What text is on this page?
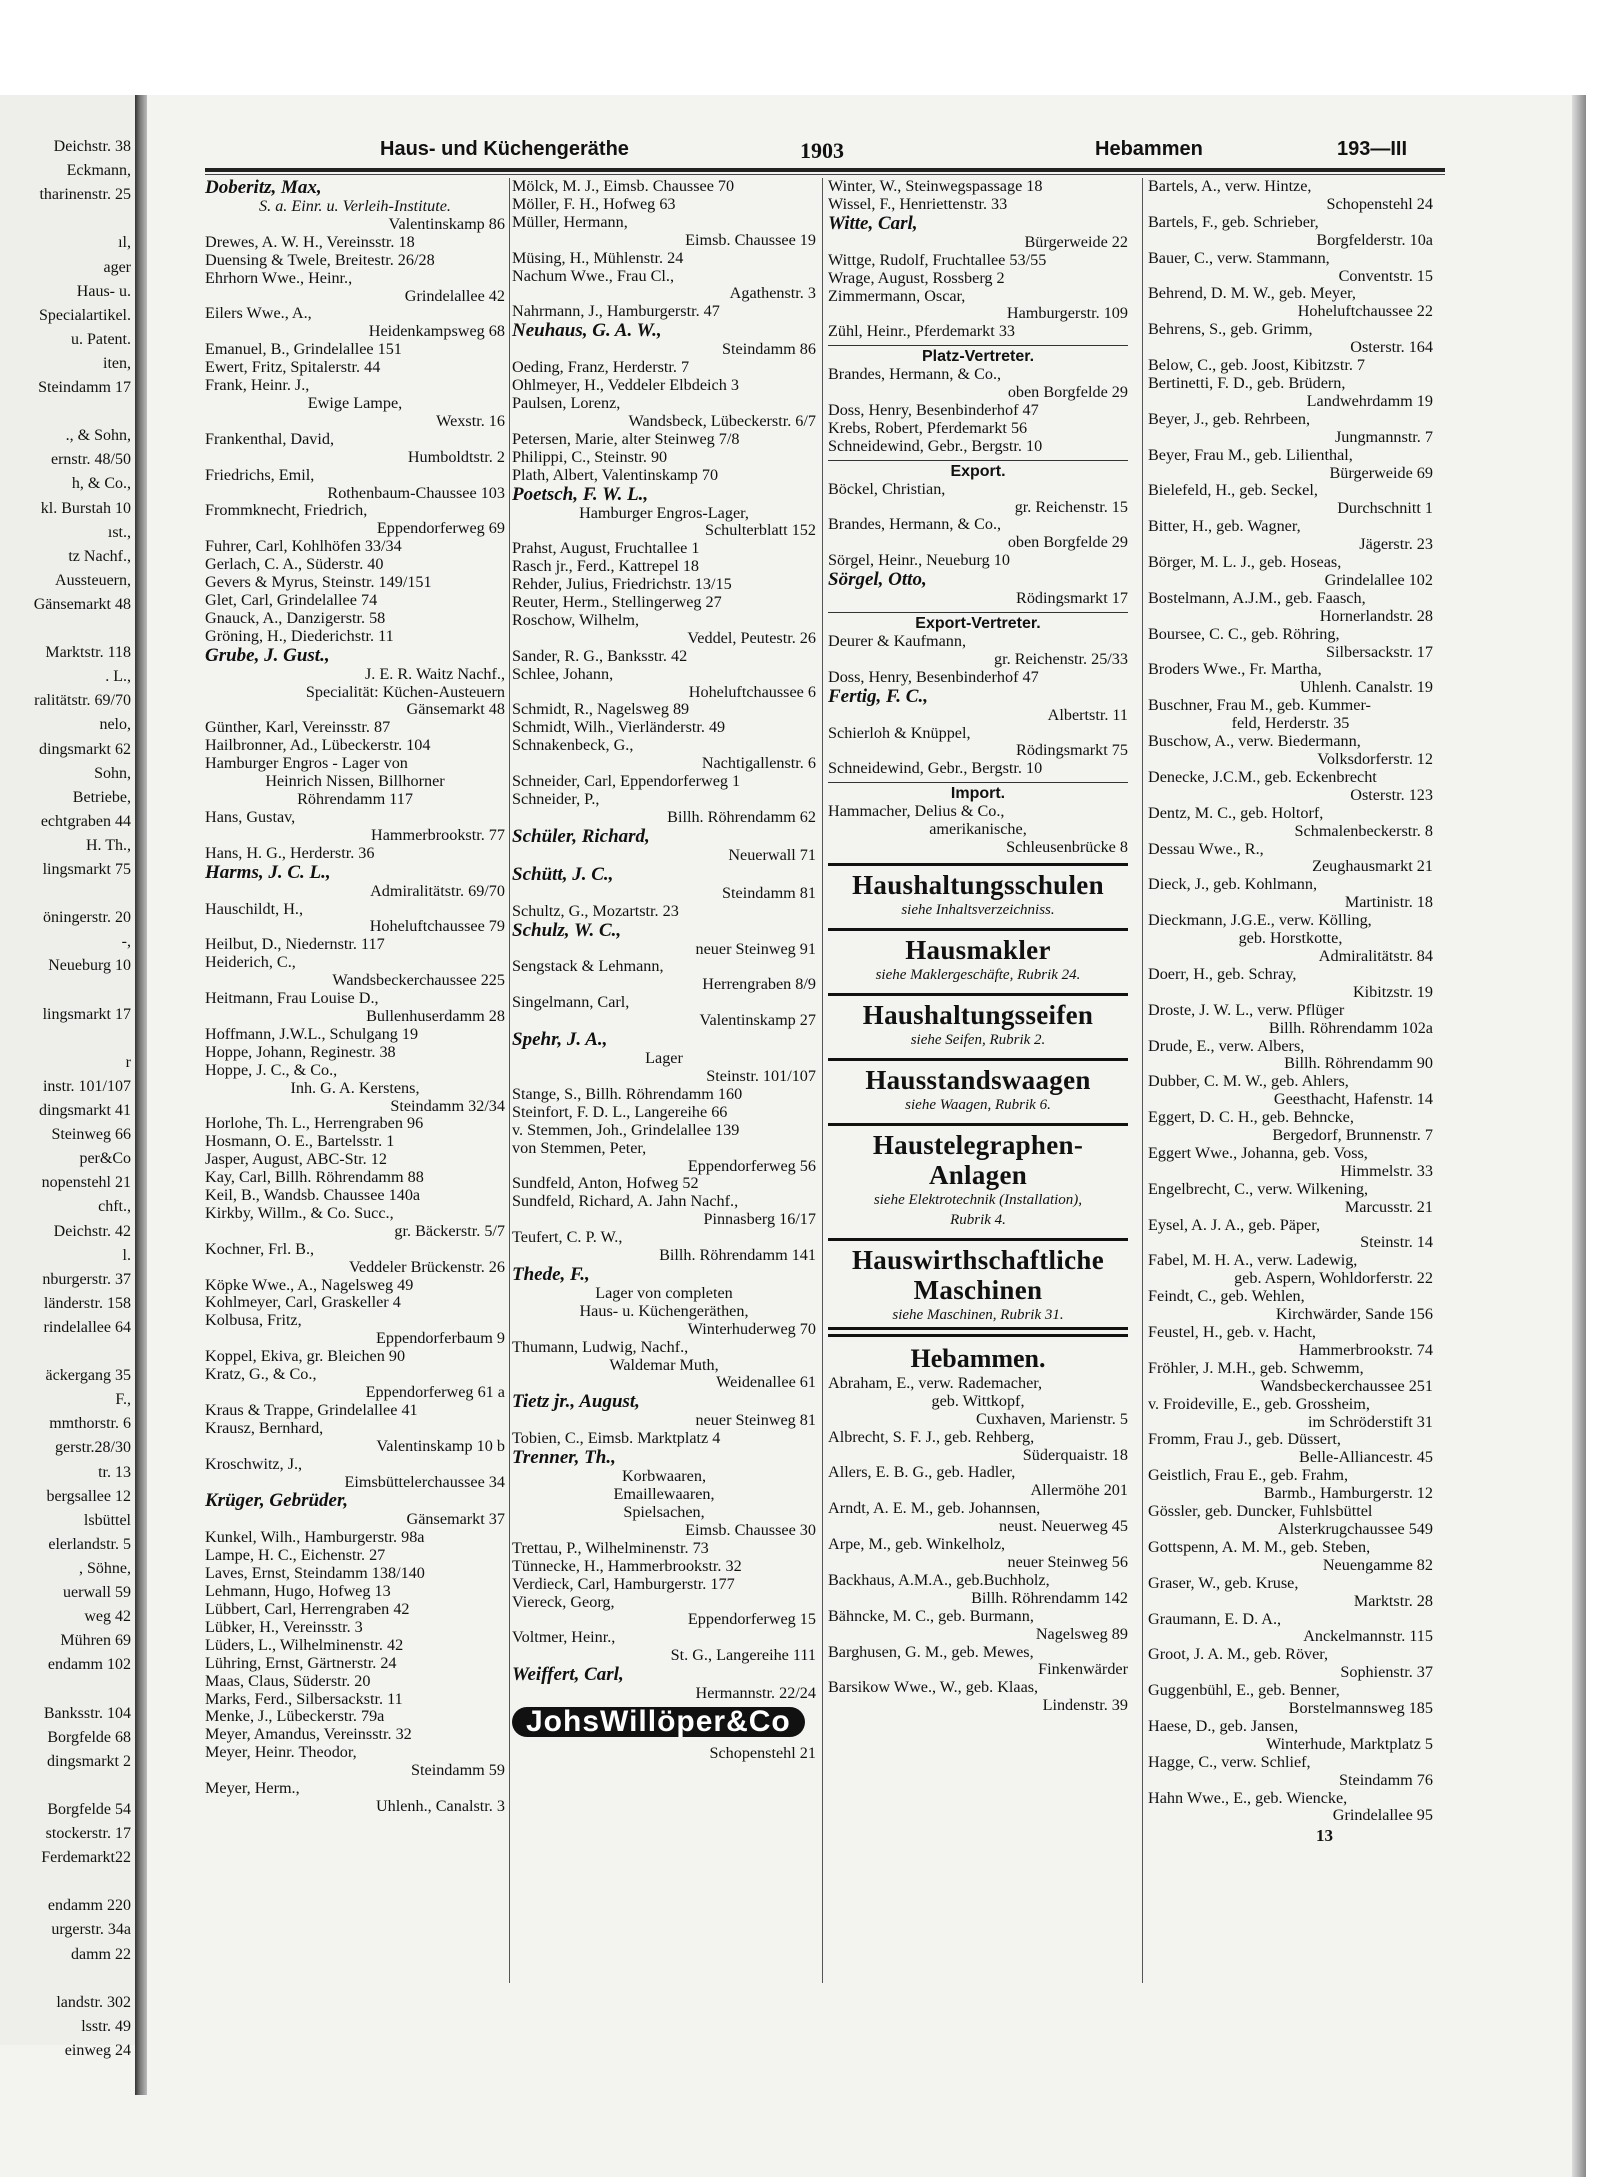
Deichstr. 38
Eckmann,
tharinenstr. 25
ıl,
ager
Haus- u.
Specialartikel.
u. Patent.
iten,
Steindamm 17
., & Sohn,
ernstr. 48/50
h, & Co.,
kl. Burstah 10
ıst.,
tz Nachf.,
Aussteuern,
Gänsemarkt 48
Marktstr. 118
. L.,
ralitätstr. 69/70
nelo,
dingsmarkt 62
Sohn,
Betriebe,
echtgraben 44
H. Th.,
lingsmarkt 75
öningerstr. 20
-,
Neueburg 10
lingsmarkt 17
r
instr. 101/107
dingsmarkt 41
Steinweg 66
per&Co
nopenstehl 21
chft.,
Deichstr. 42
l.
nburgerstr. 37
länderstr. 158
rindelallee 64
äckergang 35
F.,
mmthorstr. 6
gerstr.28/30
tr. 13
bergsallee 12
lsbüttel
elerlandstr. 5
, Söhne,
uerwall 59
weg 42
Mühren 69
endamm 102
Banksstr. 104
Borgfelde 68
dingsmarkt 2
Borgfelde 54
stockerstr. 17
Ferdemarkt22
endamm 220
urgerstr. 34a
damm 22
landstr. 302
lsstr. 49
einweg 24
Haus- und Küchengeräthe	1903	Hebammen	193—III
Doberitz, Max,
S. a. Einr. u. Verleih-Institute.
Valentinskamp 86
Drewes, A. W. H., Vereinsstr. 18
Duensing & Twele, Breitestr. 26/28
Ehrhorn Wwe., Heinr.,
Grindelallee 42
Eilers Wwe., A.,
Heidenkampsweg 68
Emanuel, B., Grindelallee 151
Ewert, Fritz, Spitalerstr. 44
Frank, Heinr. J.,
Ewige Lampe,
Wexstr. 16
Frankenthal, David,
Humboldtstr. 2
Friedrichs, Emil,
Rothenbaum-Chaussee 103
Frommknecht, Friedrich,
Eppendorferweg 69
Fuhrer, Carl, Kohlhöfen 33/34
Gerlach, C. A., Süderstr. 40
Gevers & Myrus, Steinstr. 149/151
Glet, Carl, Grindelallee 74
Gnauck, A., Danzigerstr. 58
Gröning, H., Diederichstr. 11
Grube, J. Gust.,
J. E. R. Waitz Nachf.,
Specialität: Küchen-Austeuern
Gänsemarkt 48
Günther, Karl, Vereinsstr. 87
Hailbronner, Ad., Lübeckerstr. 104
Hamburger Engros - Lager von
Heinrich Nissen, Billhorner
Röhrendamm 117
Hans, Gustav,
Hammerbrookstr. 77
Hans, H. G., Herderstr. 36
Harms, J. C. L.,
Admiralitätstr. 69/70
Hauschildt, H.,
Hoheluftchaussee 79
Heilbut, D., Niedernstr. 117
Heiderich, C.,
Wandsbeckerchaussee 225
Heitmann, Frau Louise D.,
Bullenhuserdamm 28
Hoffmann, J.W.L., Schulgang 19
Hoppe, Johann, Reginestr. 38
Hoppe, J. C., & Co.,
Inh. G. A. Kerstens,
Steindamm 32/34
Horlohe, Th. L., Herrengraben 96
Hosmann, O. E., Bartelsstr. 1
Jasper, August, ABC-Str. 12
Kay, Carl, Billh. Röhrendamm 88
Keil, B., Wandsb. Chaussee 140a
Kirkby, Willm., & Co. Succ.,
gr. Bäckerstr. 5/7
Kochner, Frl. B.,
Veddeler Brückenstr. 26
Köpke Wwe., A., Nagelsweg 49
Kohlmeyer, Carl, Graskeller 4
Kolbusa, Fritz,
Eppendorferbaum 9
Koppel, Ekiva, gr. Bleichen 90
Kratz, G., & Co.,
Eppendorferweg 61 a
Kraus & Trappe, Grindelallee 41
Krausz, Bernhard,
Valentinskamp 10 b
Kroschwitz, J.,
Eimsbüttelerchaussee 34
Krüger, Gebrüder,
Gänsemarkt 37
Kunkel, Wilh., Hamburgerstr. 98a
Lampe, H. C., Eichenstr. 27
Laves, Ernst, Steindamm 138/140
Lehmann, Hugo, Hofweg 13
Lübbert, Carl, Herrengraben 42
Lübker, H., Vereinsstr. 3
Lüders, L., Wilhelminenstr. 42
Lühring, Ernst, Gärtnerstr. 24
Maas, Claus, Süderstr. 20
Marks, Ferd., Silbersackstr. 11
Menke, J., Lübeckerstr. 79a
Meyer, Amandus, Vereinsstr. 32
Meyer, Heinr. Theodor,
Steindamm 59
Meyer, Herm.,
Uhlenh., Canalstr. 3
Mölck, M. J., Eimsb. Chaussee 70
Möller, F. H., Hofweg 63
Müller, Hermann,
Eimsb. Chaussee 19
Müsing, H., Mühlenstr. 24
Nachum Wwe., Frau Cl.,
Agathenstr. 3
Nahrmann, J., Hamburgerstr. 47
Neuhaus, G. A. W.,
Steindamm 86
Oeding, Franz, Herderstr. 7
Ohlmeyer, H., Veddeler Elbdeich 3
Paulsen, Lorenz,
Wandsbeck, Lübeckerstr. 6/7
Petersen, Marie, alter Steinweg 7/8
Philippi, C., Steinstr. 90
Plath, Albert, Valentinskamp 70
Poetsch, F. W. L.,
Hamburger Engros-Lager,
Schulterblatt 152
Prahst, August, Fruchtallee 1
Rasch jr., Ferd., Kattrepel 18
Rehder, Julius, Friedrichstr. 13/15
Reuter, Herm., Stellingerweg 27
Roschow, Wilhelm,
Veddel, Peutestr. 26
Sander, R. G., Banksstr. 42
Schlee, Johann,
Hoheluftchaussee 6
Schmidt, R., Nagelsweg 89
Schmidt, Wilh., Vierländerstr. 49
Schnakenbeck, G.,
Nachtigallenstr. 6
Schneider, Carl, Eppendorferweg 1
Schneider, P.,
Billh. Röhrendamm 62
Schüler, Richard,
Neuerwall 71
Schütt, J. C.,
Steindamm 81
Schultz, G., Mozartstr. 23
Schulz, W. C.,
neuer Steinweg 91
Sengstack & Lehmann,
Herrengraben 8/9
Singelmann, Carl,
Valentinskamp 27
Spehr, J. A.,
Lager
Steinstr. 101/107
Stange, S., Billh. Röhrendamm 160
Steinfort, F. D. L., Langereihe 66
v. Stemmen, Joh., Grindelallee 139
von Stemmen, Peter,
Eppendorferweg 56
Sundfeld, Anton, Hofweg 52
Sundfeld, Richard, A. Jahn Nachf.,
Pinnasberg 16/17
Teufert, C. P. W.,
Billh. Röhrendamm 141
Thede, F.,
Lager von completen
Haus- u. Küchengeräthen,
Winterhuderweg 70
Thumann, Ludwig, Nachf.,
Waldemar Muth,
Weidenallee 61
Tietz jr., August,
neuer Steinweg 81
Tobien, C., Eimsb. Marktplatz 4
Trenner, Th.,
Korbwaaren,
Emaillewaaren,
Spielsachen,
Eimsb. Chaussee 30
Trettau, P., Wilhelminenstr. 73
Tünnecke, H., Hammerbrookstr. 32
Verdieck, Carl, Hamburgerstr. 177
Viereck, Georg,
Eppendorferweg 15
Voltmer, Heinr.,
St. G., Langereihe 111
Weiffert, Carl,
Hermannstr. 22/24
JohsWillöper&Co
Schopenstehl 21
Winter, W., Steinwegspassage 18
Wissel, F., Henriettenstr. 33
Witte, Carl,
Bürgerweide 22
Wittge, Rudolf, Fruchtallee 53/55
Wrage, August, Rossberg 2
Zimmermann, Oscar,
Hamburgerstr. 109
Zühl, Heinr., Pferdemarkt 33
Platz-Vertreter.
Brandes, Hermann, & Co.,
oben Borgfelde 29
Doss, Henry, Besenbinderhof 47
Krebs, Robert, Pferdemarkt 56
Schneidewind, Gebr., Bergstr. 10
Export.
Böckel, Christian,
gr. Reichenstr. 15
Brandes, Hermann, & Co.,
oben Borgfelde 29
Sörgel, Heinr., Neueburg 10
Sörgel, Otto,
Rödingsmarkt 17
Export-Vertreter.
Deurer & Kaufmann,
gr. Reichenstr. 25/33
Doss, Henry, Besenbinderhof 47
Fertig, F. C.,
Albertstr. 11
Schierloh & Knüppel,
Rödingsmarkt 75
Schneidewind, Gebr., Bergstr. 10
Import.
Hammacher, Delius & Co.,
amerikanische,
Schleusenbrücke 8
Haushaltungsschulen
siehe Inhaltsverzeichniss.
Hausmakler
siehe Maklergeschäfte, Rubrik 24.
Haushaltungsseifen
siehe Seifen, Rubrik 2.
Hausstandswaagen
siehe Waagen, Rubrik 6.
Haustelegraphen-
Anlagen
siehe Elektrotechnik (Installation),
Rubrik 4.
Hauswirthschaftliche
Maschinen
siehe Maschinen, Rubrik 31.
Hebammen.
Abraham, E., verw. Rademacher,
geb. Wittkopf,
Cuxhaven, Marienstr. 5
Albrecht, S. F. J., geb. Rehberg,
Süderquaistr. 18
Allers, E. B. G., geb. Hadler,
Allermöhe 201
Arndt, A. E. M., geb. Johannsen,
neust. Neuerweg 45
Arpe, M., geb. Winkelholz,
neuer Steinweg 56
Backhaus, A.M.A., geb.Buchholz,
Billh. Röhrendamm 142
Bähncke, M. C., geb. Burmann,
Nagelsweg 89
Barghusen, G. M., geb. Mewes,
Finkenwärder
Barsikow Wwe., W., geb. Klaas,
Lindenstr. 39
Bartels, A., verw. Hintze,
Schopenstehl 24
Bartels, F., geb. Schrieber,
Borgfelderstr. 10a
Bauer, C., verw. Stammann,
Conventstr. 15
Behrend, D. M. W., geb. Meyer,
Hoheluftchaussee 22
Behrens, S., geb. Grimm,
Osterstr. 164
Below, C., geb. Joost, Kibitzstr. 7
Bertinetti, F. D., geb. Brüdern,
Landwehrdamm 19
Beyer, J., geb. Rehrbeen,
Jungmannstr. 7
Beyer, Frau M., geb. Lilienthal,
Bürgerweide 69
Bielefeld, H., geb. Seckel,
Durchschnitt 1
Bitter, H., geb. Wagner,
Jägerstr. 23
Börger, M. L. J., geb. Hoseas,
Grindelallee 102
Bostelmann, A.J.M., geb. Faasch,
Hornerlandstr. 28
Boursee, C. C., geb. Röhring,
Silbersackstr. 17
Broders Wwe., Fr. Martha,
Uhlenh. Canalstr. 19
Buschner, Frau M., geb. Kummer-
feld, Herderstr. 35
Buschow, A., verw. Biedermann,
Volksdorferstr. 12
Denecke, J.C.M., geb. Eckenbrecht
Osterstr. 123
Dentz, M. C., geb. Holtorf,
Schmalenbeckerstr. 8
Dessau Wwe., R.,
Zeughausmarkt 21
Dieck, J., geb. Kohlmann,
Martinistr. 18
Dieckmann, J.G.E., verw. Kölling,
geb. Horstkotte,
Admiralitätstr. 84
Doerr, H., geb. Schray,
Kibitzstr. 19
Droste, J. W. L., verw. Pflüger
Billh. Röhrendamm 102a
Drude, E., verw. Albers,
Billh. Röhrendamm 90
Dubber, C. M. W., geb. Ahlers,
Geesthacht, Hafenstr. 14
Eggert, D. C. H., geb. Behncke,
Bergedorf, Brunnenstr. 7
Eggert Wwe., Johanna, geb. Voss,
Himmelstr. 33
Engelbrecht, C., verw. Wilkening,
Marcusstr. 21
Eysel, A. J. A., geb. Päper,
Steinstr. 14
Fabel, M. H. A., verw. Ladewig,
geb. Aspern, Wohldorferstr. 22
Feindt, C., geb. Wehlen,
Kirchwärder, Sande 156
Feustel, H., geb. v. Hacht,
Hammerbrookstr. 74
Fröhler, J. M.H., geb. Schwemm,
Wandsbeckerchaussee 251
v. Froideville, E., geb. Grossheim,
im Schröderstift 31
Fromm, Frau J., geb. Düssert,
Belle-Alliancestr. 45
Geistlich, Frau E., geb. Frahm,
Barmb., Hamburgerstr. 12
Gössler, geb. Duncker, Fuhlsbüttel
Alsterkrugchaussee 549
Gottspenn, A. M. M., geb. Steben,
Neuengamme 82
Graser, W., geb. Kruse,
Marktstr. 28
Graumann, E. D. A.,
Anckelmannstr. 115
Groot, J. A. M., geb. Röver,
Sophienstr. 37
Guggenbühl, E., geb. Benner,
Borstelmannsweg 185
Haese, D., geb. Jansen,
Winterhude, Marktplatz 5
Hagge, C., verw. Schlief,
Steindamm 76
Hahn Wwe., E., geb. Wiencke,
Grindelallee 95
13
